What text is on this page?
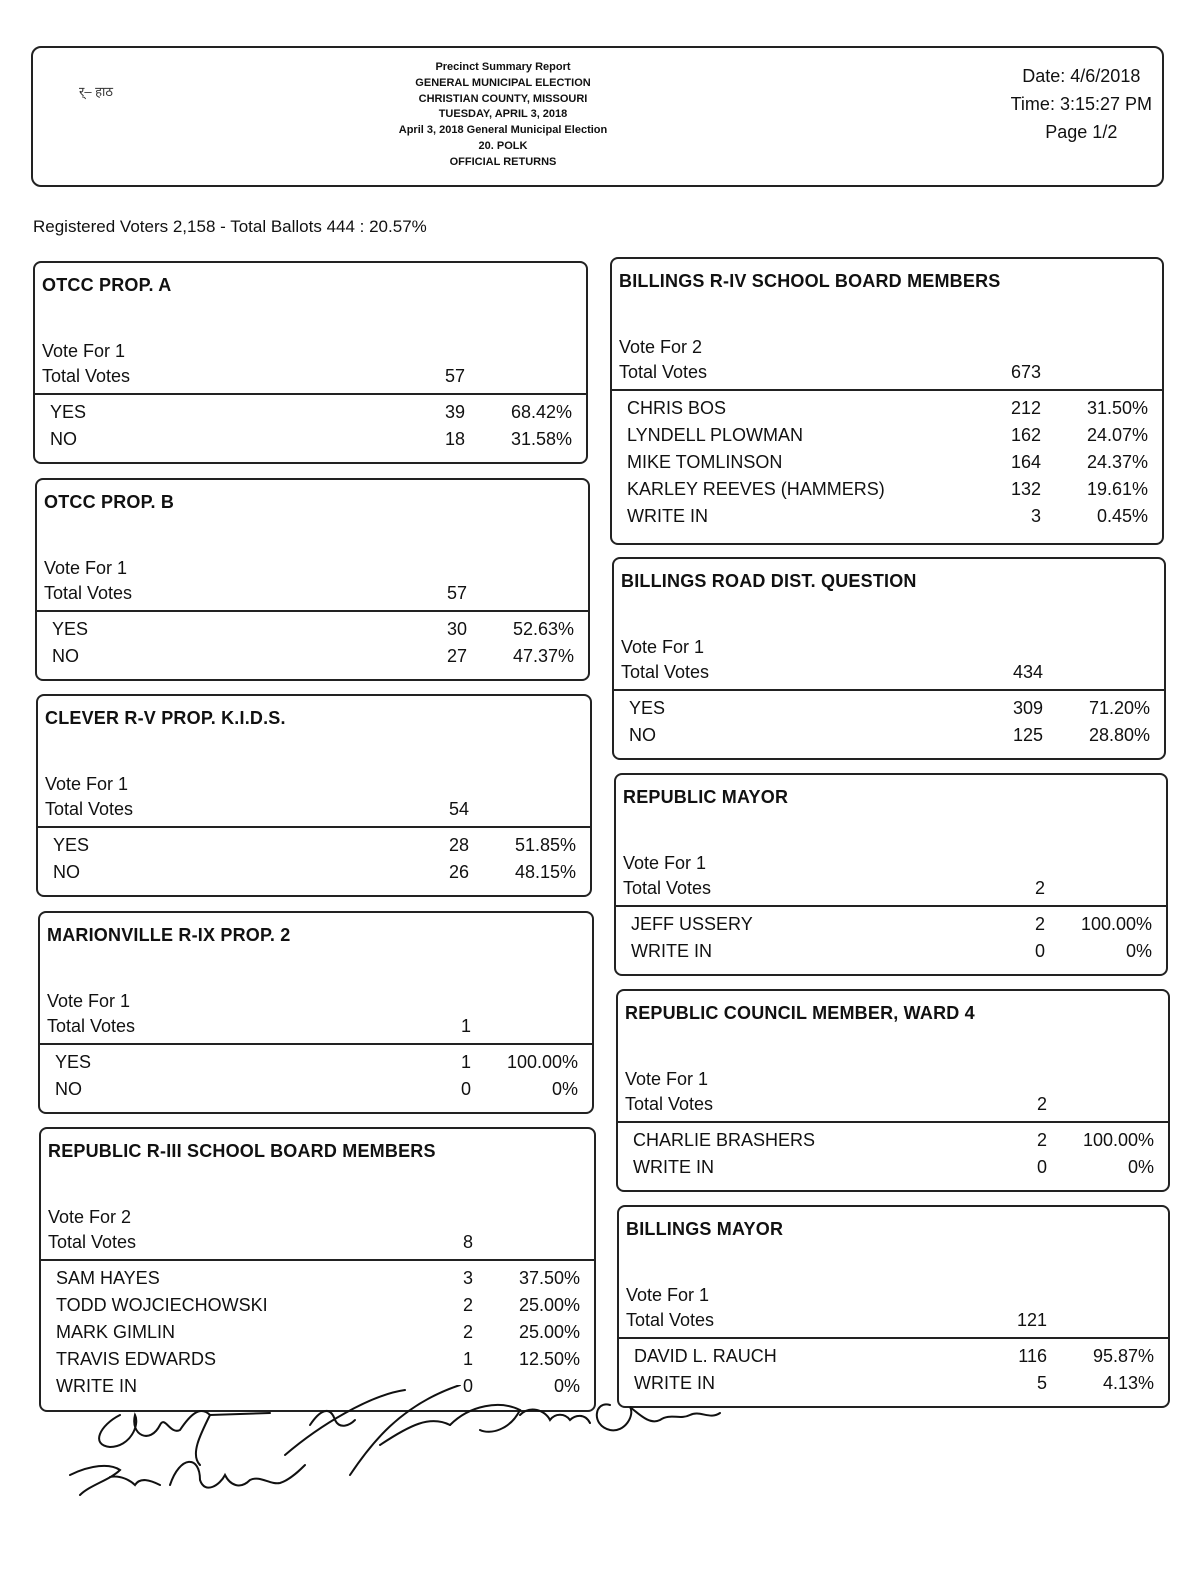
र्– हाठ
Precinct Summary Report
GENERAL MUNICIPAL ELECTION
CHRISTIAN COUNTY, MISSOURI
TUESDAY, APRIL 3, 2018
April 3, 2018 General Municipal Election
20. POLK
OFFICIAL RETURNS
Date: 4/6/2018
Time: 3:15:27 PM
Page 1/2
Registered Voters 2,158 - Total Ballots 444 : 20.57%
OTCC PROP. A
Vote For 1
Total Votes	57
YES	39	68.42%
NO	18	31.58%
OTCC PROP. B
Vote For 1
Total Votes	57
YES	30	52.63%
NO	27	47.37%
CLEVER R-V PROP. K.I.D.S.
Vote For 1
Total Votes	54
YES	28	51.85%
NO	26	48.15%
MARIONVILLE R-IX PROP. 2
Vote For 1
Total Votes	1
YES	1	100.00%
NO	0	0%
REPUBLIC R-III SCHOOL BOARD MEMBERS
Vote For 2
Total Votes	8
SAM HAYES	3	37.50%
TODD WOJCIECHOWSKI	2	25.00%
MARK GIMLIN	2	25.00%
TRAVIS EDWARDS	1	12.50%
WRITE IN	0	0%
BILLINGS R-IV SCHOOL BOARD MEMBERS
Vote For 2
Total Votes	673
CHRIS BOS	212	31.50%
LYNDELL PLOWMAN	162	24.07%
MIKE TOMLINSON	164	24.37%
KARLEY REEVES (HAMMERS)	132	19.61%
WRITE IN	3	0.45%
BILLINGS ROAD DIST. QUESTION
Vote For 1
Total Votes	434
YES	309	71.20%
NO	125	28.80%
REPUBLIC MAYOR
Vote For 1
Total Votes	2
JEFF USSERY	2	100.00%
WRITE IN	0	0%
REPUBLIC COUNCIL MEMBER, WARD 4
Vote For 1
Total Votes	2
CHARLIE BRASHERS	2	100.00%
WRITE IN	0	0%
BILLINGS MAYOR
Vote For 1
Total Votes	121
DAVID L. RAUCH	116	95.87%
WRITE IN	5	4.13%
